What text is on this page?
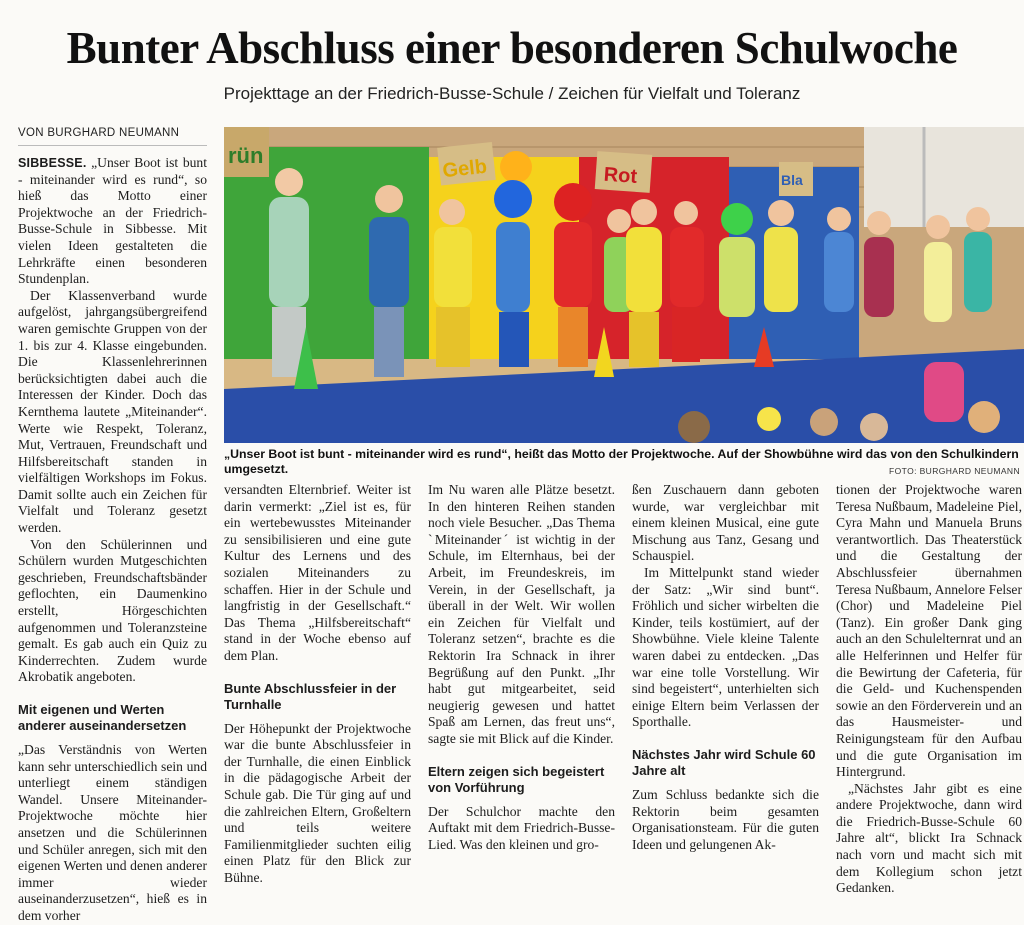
Bunter Abschluss einer besonderen Schulwoche
Projekttage an der Friedrich-Busse-Schule / Zeichen für Vielfalt und Toleranz
VON BURGHARD NEUMANN

SIBBESSE. „Unser Boot ist bunt - miteinander wird es rund“, so hieß das Motto einer Projektwoche an der Friedrich-Busse-Schule in Sibbesse. Mit vielen Ideen gestalteten die Lehrkräfte einen besonderen Stundenplan.

Der Klassenverband wurde aufgelöst, jahrgangsübergreifend waren gemischte Gruppen von der 1. bis zur 4. Klasse eingebunden. Die Klassenlehrerinnen berücksichtigten dabei auch die Interessen der Kinder. Doch das Kernthema lautete „Miteinander“. Werte wie Respekt, Toleranz, Mut, Vertrauen, Freundschaft und Hilfsbereitschaft standen in vielfältigen Workshops im Fokus. Damit sollte auch ein Zeichen für Vielfalt und Toleranz gesetzt werden.

Von den Schülerinnen und Schülern wurden Mutgeschichten geschrieben, Freundschaftsbänder geflochten, ein Daumenkino erstellt, Hörgeschichten aufgenommen und Toleranzsteine gemalt. Es gab auch ein Quiz zu Kinderrechten. Zudem wurde Akrobatik angeboten.

Mit eigenen und Werten anderer auseinandersetzen

„Das Verständnis von Werten kann sehr unterschiedlich sein und unterliegt einem ständigen Wandel. Unsere Miteinander-Projektwoche möchte hier ansetzen und die Schülerinnen und Schüler anregen, sich mit den eigenen Werten und denen anderer immer wieder auseinanderzusetzen“, hieß es in dem vorher

rün
Gelb	Rot	Bla
„Unser Boot ist bunt - miteinander wird es rund“, heißt das Motto der Projektwoche. Auf der Showbühne wird das von den Schulkindern umgesetzt.	FOTO: BURGHARD NEUMANN

versandten Elternbrief. Weiter ist darin vermerkt: „Ziel ist es, für ein wertebewusstes Miteinander zu sensibilisieren und eine gute Kultur des Lernens und des sozialen Miteinanders zu schaffen. Hier in der Schule und langfristig in der Gesellschaft.“ Das Thema „Hilfsbereitschaft“ stand in der Woche ebenso auf dem Plan.

Bunte Abschlussfeier in der Turnhalle

Der Höhepunkt der Projektwoche war die bunte Abschlussfeier in der Turnhalle, die einen Einblick in die pädagogische Arbeit der Schule gab. Die Tür ging auf und die zahlreichen Eltern, Großeltern und teils weitere Familienmitglieder suchten eilig einen Platz für den Blick zur Bühne.

Im Nu waren alle Plätze besetzt. In den hinteren Reihen standen noch viele Besucher. „Das Thema ˋMiteinanderˊ ist wichtig in der Schule, im Elternhaus, bei der Arbeit, im Freundeskreis, im Verein, in der Gesellschaft, ja überall in der Welt. Wir wollen ein Zeichen für Vielfalt und Toleranz setzen“, brachte es die Rektorin Ira Schnack in ihrer Begrüßung auf den Punkt. „Ihr habt gut mitgearbeitet, seid neugierig gewesen und hattet Spaß am Lernen, das freut uns“, sagte sie mit Blick auf die Kinder.

Eltern zeigen sich begeistert von Vorführung

Der Schulchor machte den Auftakt mit dem Friedrich-Busse-Lied. Was den kleinen und gro-

ßen Zuschauern dann geboten wurde, war vergleichbar mit einem kleinen Musical, eine gute Mischung aus Tanz, Gesang und Schauspiel.

Im Mittelpunkt stand wieder der Satz: „Wir sind bunt“. Fröhlich und sicher wirbelten die Kinder, teils kostümiert, auf der Showbühne. Viele kleine Talente waren dabei zu entdecken. „Das war eine tolle Vorstellung. Wir sind begeistert“, unterhielten sich einige Eltern beim Verlassen der Sporthalle.

Nächstes Jahr wird Schule 60 Jahre alt

Zum Schluss bedankte sich die Rektorin beim gesamten Organisationsteam. Für die guten Ideen und gelungenen Ak-

tionen der Projektwoche waren Teresa Nußbaum, Madeleine Piel, Cyra Mahn und Manuela Bruns verantwortlich. Das Theaterstück und die Gestaltung der Abschlussfeier übernahmen Teresa Nußbaum, Annelore Felser (Chor) und Madeleine Piel (Tanz). Ein großer Dank ging auch an den Schulelternrat und an alle Helferinnen und Helfer für die Bewirtung der Cafeteria, für die Geld- und Kuchenspenden sowie an den Förderverein und an das Hausmeister- und Reinigungsteam für den Aufbau und die gute Organisation im Hintergrund.

„Nächstes Jahr gibt es eine andere Projektwoche, dann wird die Friedrich-Busse-Schule 60 Jahre alt“, blickt Ira Schnack nach vorn und macht sich mit dem Kollegium schon jetzt Gedanken.
